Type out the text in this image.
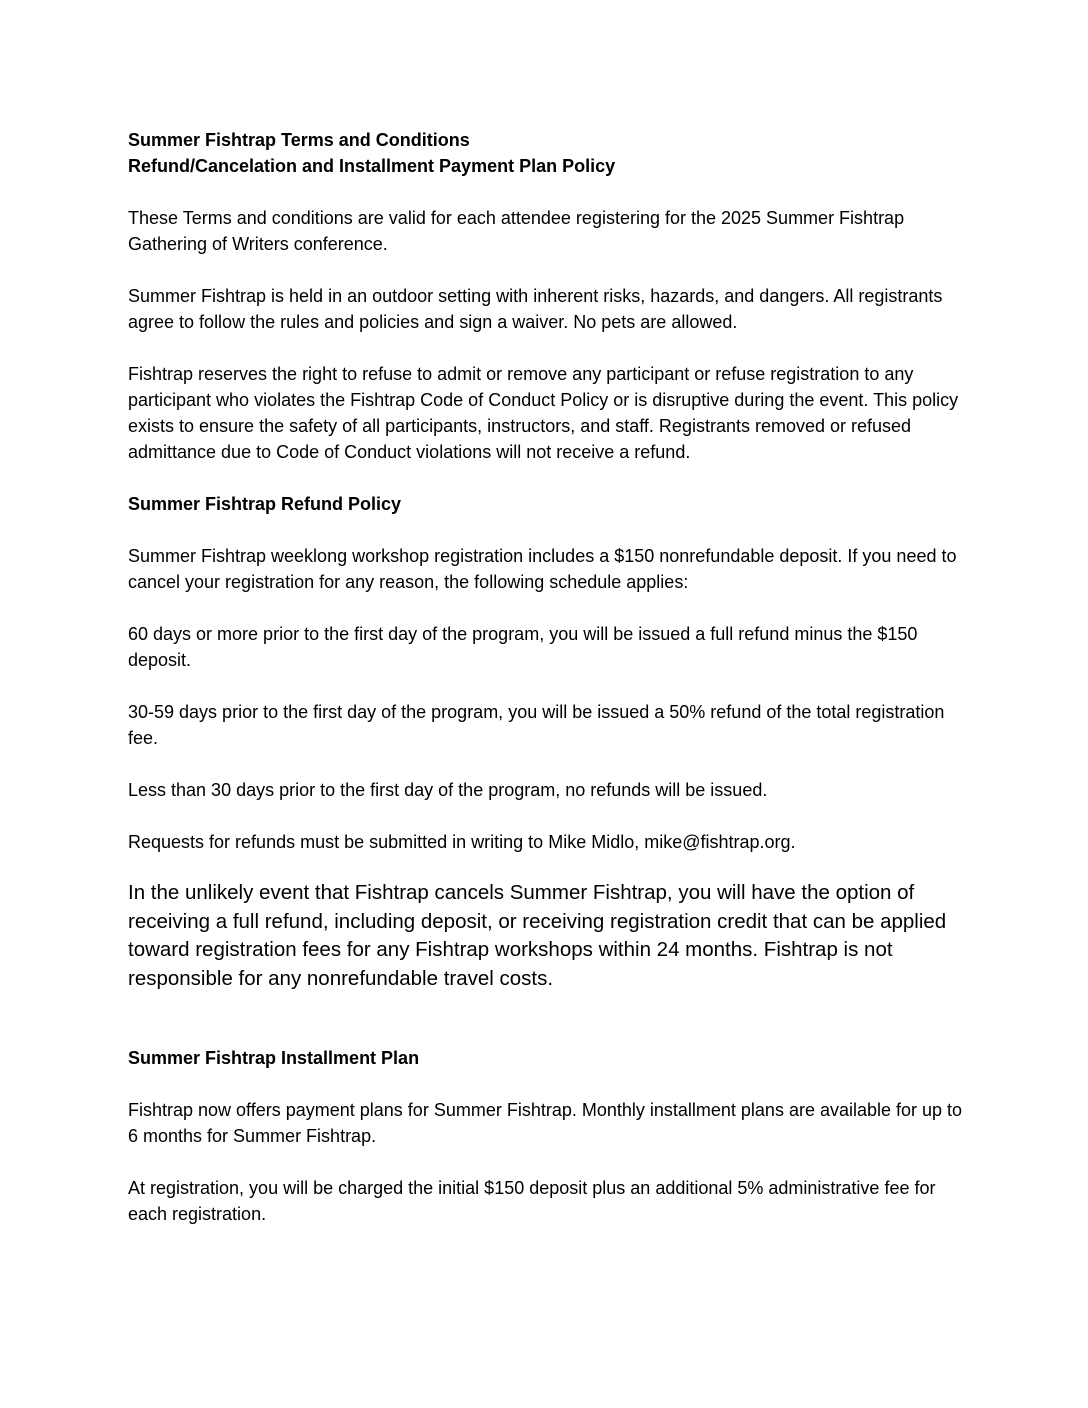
Summer Fishtrap Terms and Conditions

Refund/Cancelation and Installment Payment Plan Policy

These Terms and conditions are valid for each attendee registering for the 2025 Summer Fishtrap Gathering of Writers conference.

Summer Fishtrap is held in an outdoor setting with inherent risks, hazards, and dangers. All registrants agree to follow the rules and policies and sign a waiver. No pets are allowed.

Fishtrap reserves the right to refuse to admit or remove any participant or refuse registration to any participant who violates the Fishtrap Code of Conduct Policy or is disruptive during the event. This policy exists to ensure the safety of all participants, instructors, and staff. Registrants removed or refused admittance due to Code of Conduct violations will not receive a refund.

Summer Fishtrap Refund Policy

Summer Fishtrap weeklong workshop registration includes a $150 nonrefundable deposit. If you need to cancel your registration for any reason, the following schedule applies:

60 days or more prior to the first day of the program, you will be issued a full refund minus the $150 deposit.

30-59 days prior to the first day of the program, you will be issued a 50% refund of the total registration fee.

Less than 30 days prior to the first day of the program, no refunds will be issued.

Requests for refunds must be submitted in writing to Mike Midlo, mike@fishtrap.org.

In the unlikely event that Fishtrap cancels Summer Fishtrap, you will have the option of receiving a full refund, including deposit, or receiving registration credit that can be applied toward registration fees for any Fishtrap workshops within 24 months. Fishtrap is not responsible for any nonrefundable travel costs.

Summer Fishtrap Installment Plan

Fishtrap now offers payment plans for Summer Fishtrap. Monthly installment plans are available for up to 6 months for Summer Fishtrap.

At registration, you will be charged the initial $150 deposit plus an additional 5% administrative fee for each registration.
